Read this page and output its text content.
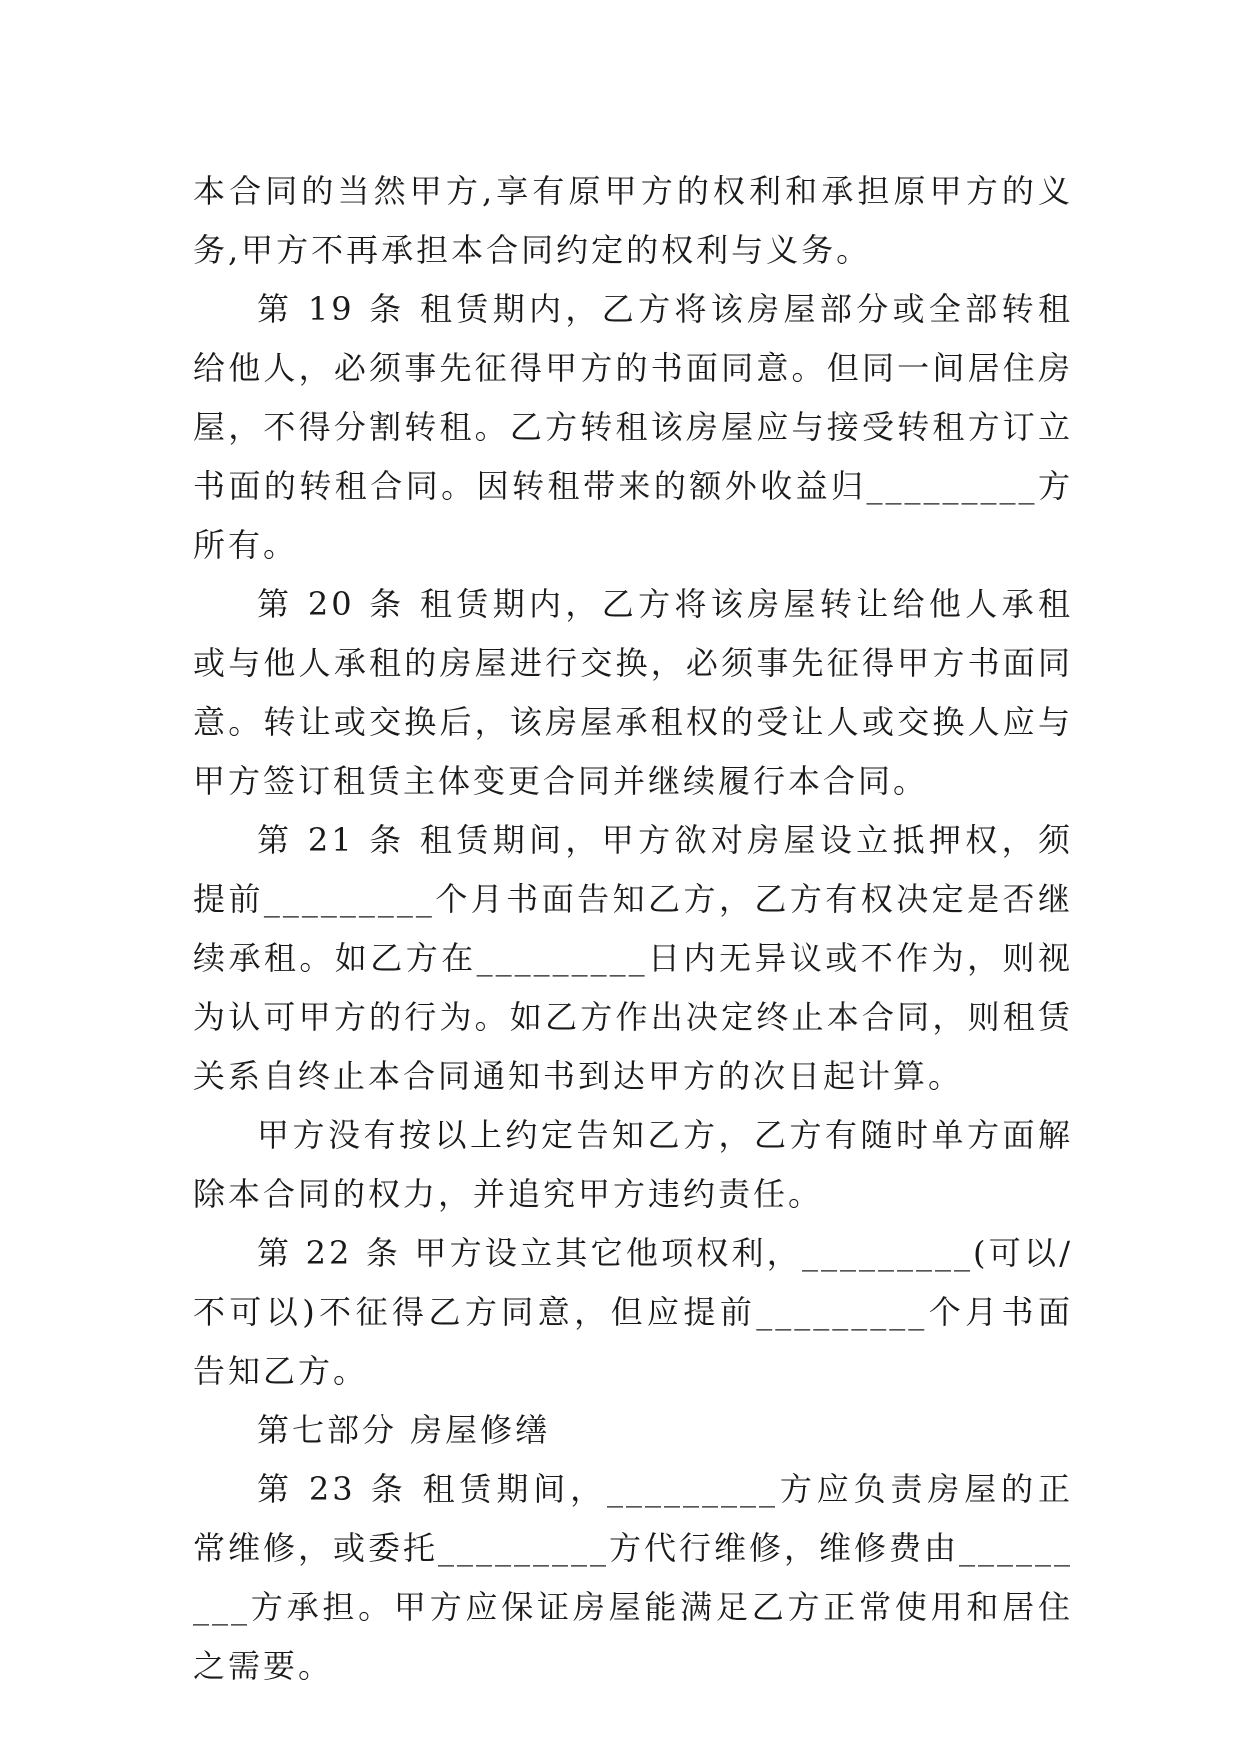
本合同的当然甲方,享有原甲方的权利和承担原甲方的义务,甲方不再承担本合同约定的权利与义务。

第 19 条 租赁期内，乙方将该房屋部分或全部转租给他人，必须事先征得甲方的书面同意。但同一间居住房屋，不得分割转租。乙方转租该房屋应与接受转租方订立书面的转租合同。因转租带来的额外收益归_________方所有。

第 20 条 租赁期内，乙方将该房屋转让给他人承租或与他人承租的房屋进行交换，必须事先征得甲方书面同意。转让或交换后，该房屋承租权的受让人或交换人应与甲方签订租赁主体变更合同并继续履行本合同。

第 21 条 租赁期间，甲方欲对房屋设立抵押权，须提前_________个月书面告知乙方，乙方有权决定是否继续承租。如乙方在_________日内无异议或不作为，则视为认可甲方的行为。如乙方作出决定终止本合同，则租赁关系自终止本合同通知书到达甲方的次日起计算。

甲方没有按以上约定告知乙方，乙方有随时单方面解除本合同的权力，并追究甲方违约责任。

第 22 条 甲方设立其它他项权利，_________(可以/不可以)不征得乙方同意，但应提前_________个月书面告知乙方。

第七部分 房屋修缮

第 23 条 租赁期间，_________方应负责房屋的正常维修，或委托_________方代行维修，维修费由_________方承担。甲方应保证房屋能满足乙方正常使用和居住之需要。
